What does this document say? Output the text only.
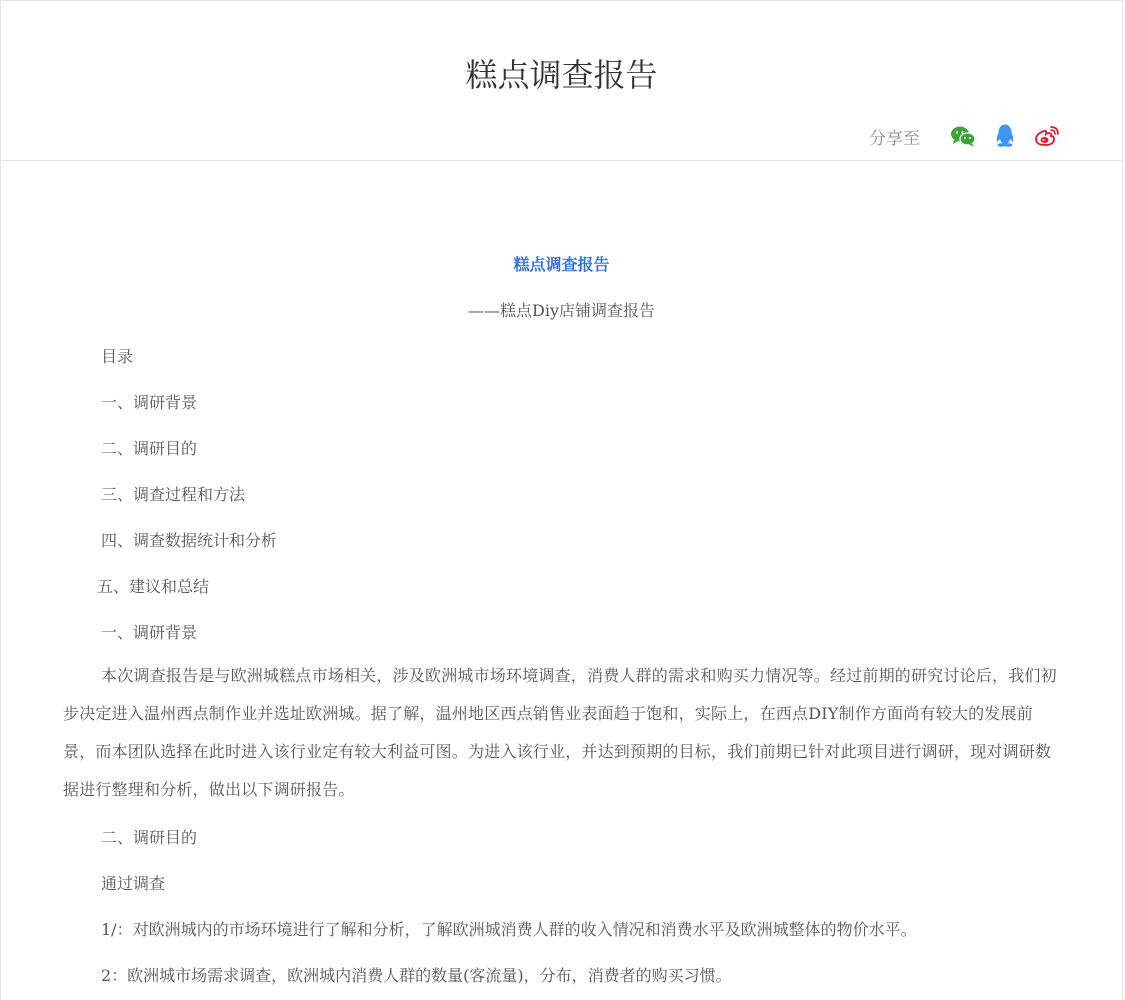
糕点调查报告
分享至
糕点调查报告
——糕点Diy店铺调查报告
目录
一、调研背景
二、调研目的
三、调查过程和方法
四、调查数据统计和分析
五、建议和总结
一、调研背景
本次调查报告是与欧洲城糕点市场相关，涉及欧洲城市场环境调查，消费人群的需求和购买力情况等。经过前期的研究讨论后，我们初步决定进入温州西点制作业并选址欧洲城。据了解，温州地区西点销售业表面趋于饱和，实际上，在西点DIY制作方面尚有较大的发展前景，而本团队选择在此时进入该行业定有较大利益可图。为进入该行业，并达到预期的目标，我们前期已针对此项目进行调研，现对调研数据进行整理和分析，做出以下调研报告。
二、调研目的
通过调查
1/：对欧洲城内的市场环境进行了解和分析，了解欧洲城消费人群的收入情况和消费水平及欧洲城整体的物价水平。
2：欧洲城市场需求调查，欧洲城内消费人群的数量(客流量)，分布，消费者的购买习惯。
